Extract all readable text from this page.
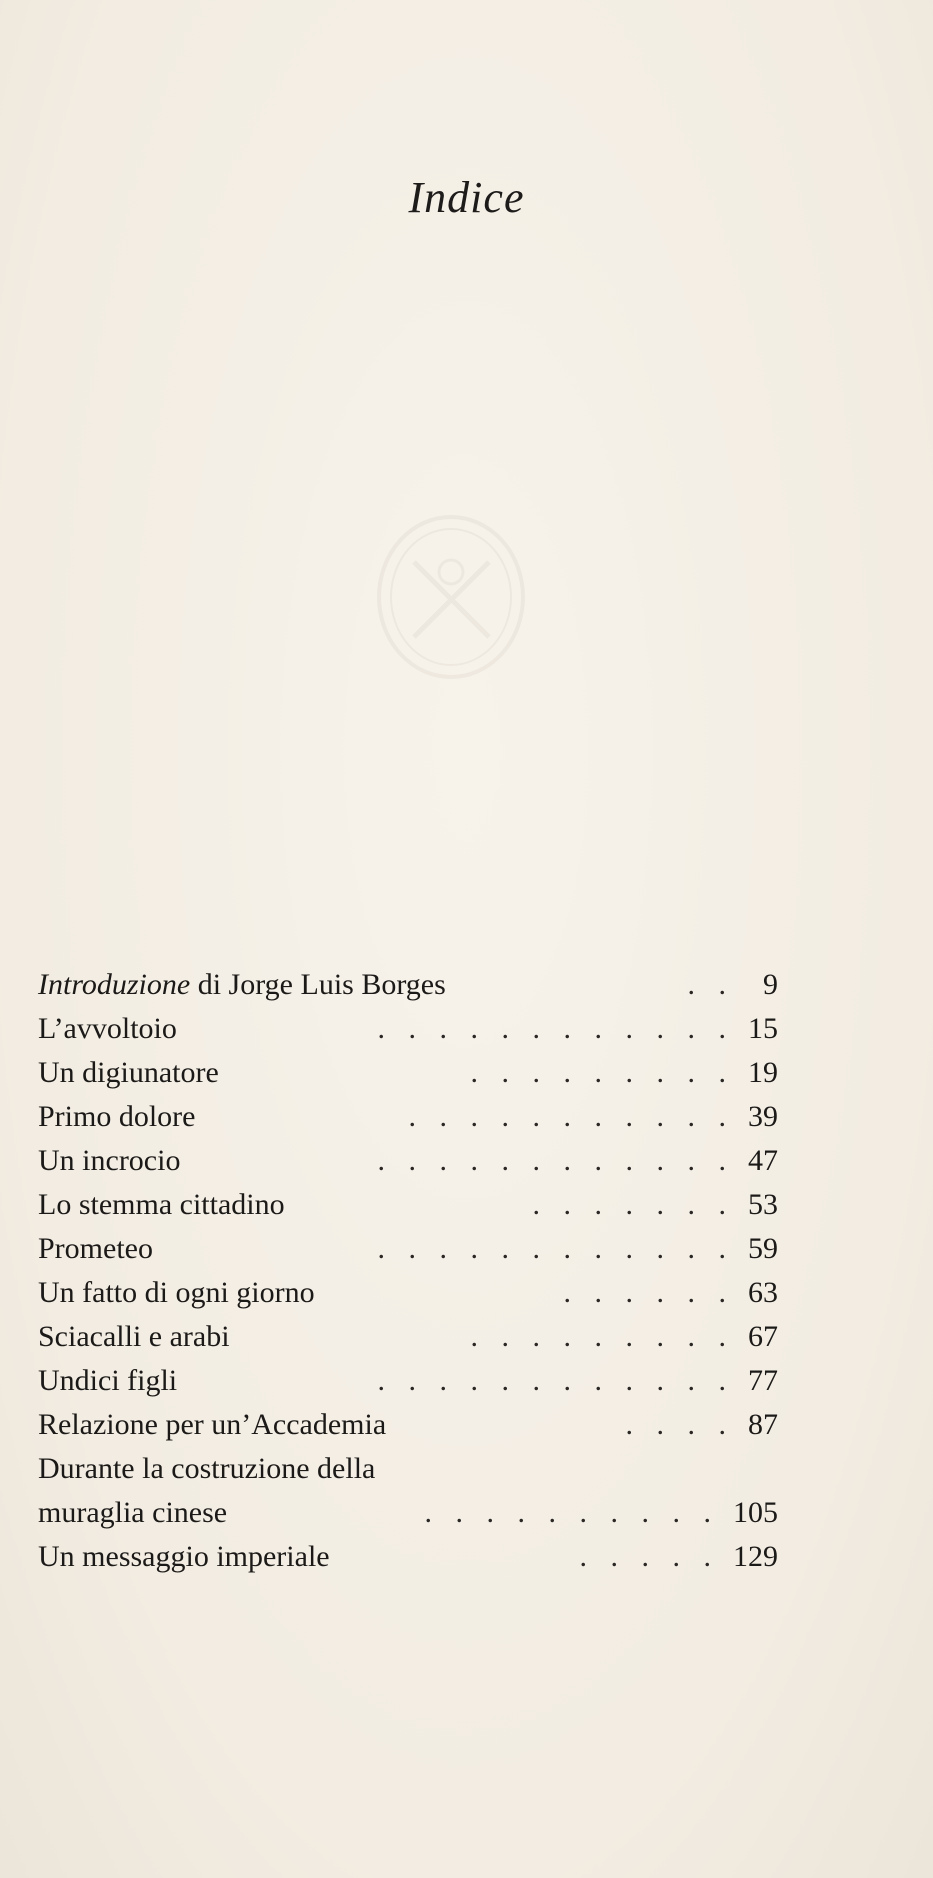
Indice
Introduzione di Jorge Luis Borges	. . 9
L’avvoltoio	. . . . . . . . . . . . 15
Un digiunatore	. . . . . . . . . 19
Primo dolore	. . . . . . . . . . . 39
Un incrocio	. . . . . . . . . . . . 47
Lo stemma cittadino	. . . . . . . 53
Prometeo	. . . . . . . . . . . . 59
Un fatto di ogni giorno	. . . . . . 63
Sciacalli e arabi	. . . . . . . . . 67
Undici figli	. . . . . . . . . . . . 77
Relazione per un’Accademia	. . . . 87
Durante la costruzione della
muraglia cinese	. . . . . . . . . . 105
Un messaggio imperiale	. . . . . 129
